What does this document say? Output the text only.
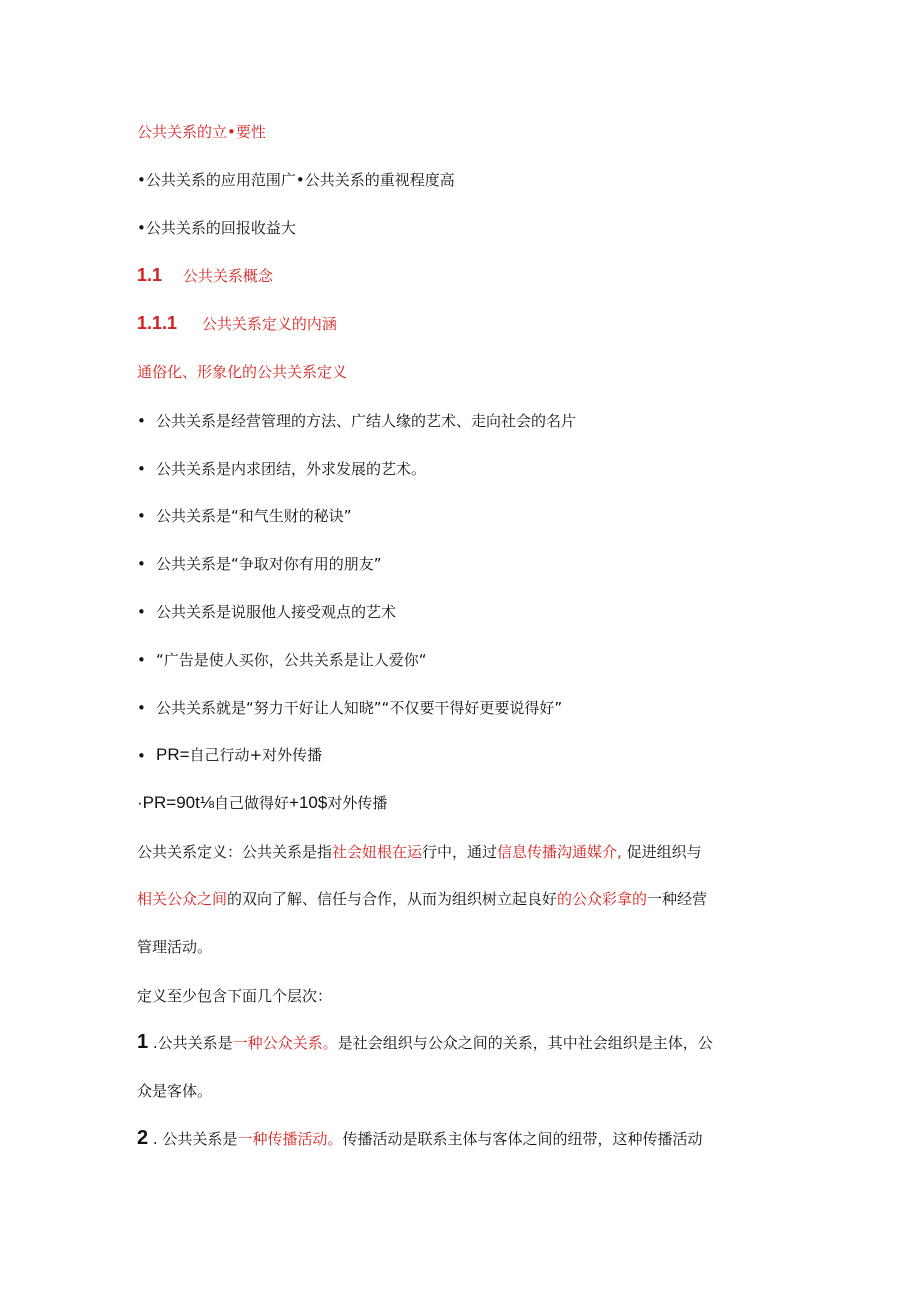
公共关系的立•要性
•公共关系的应用范围广•公共关系的重视程度高
•公共关系的回报收益大
1.1 公共关系概念
1.1.1 公共关系定义的内涵
通俗化、形象化的公共关系定义
• 公共关系是经营管理的方法、广结人缘的艺术、走向社会的名片
• 公共关系是内求团结，外求发展的艺术。
• 公共关系是“和气生财的秘诀”
• 公共关系是“争取对你有用的朋友”
• 公共关系是说服他人接受观点的艺术
• “广告是使人买你，公共关系是让人爱你“
• 公共关系就是“努力干好让人知晓”“不仅要干得好更要说得好”
• PR=自己行动+对外传播
·PR=90t⅛自己做得好+10$对外传播
公共关系定义：公共关系是指社会妞根在运行中，通过信息传播沟通媒介, 促进组织与
相关公众之间的双向了解、信任与合作，从而为组织树立起良好的公众彩拿的一种经营
管理活动。
定义至少包含下面几个层次：
1 .公共关系是一种公众关系。是社会组织与公众之间的关系，其中社会组织是主体，公
众是客体。
2 . 公共关系是一种传播活动。传播活动是联系主体与客体之间的纽带，这种传播活动
